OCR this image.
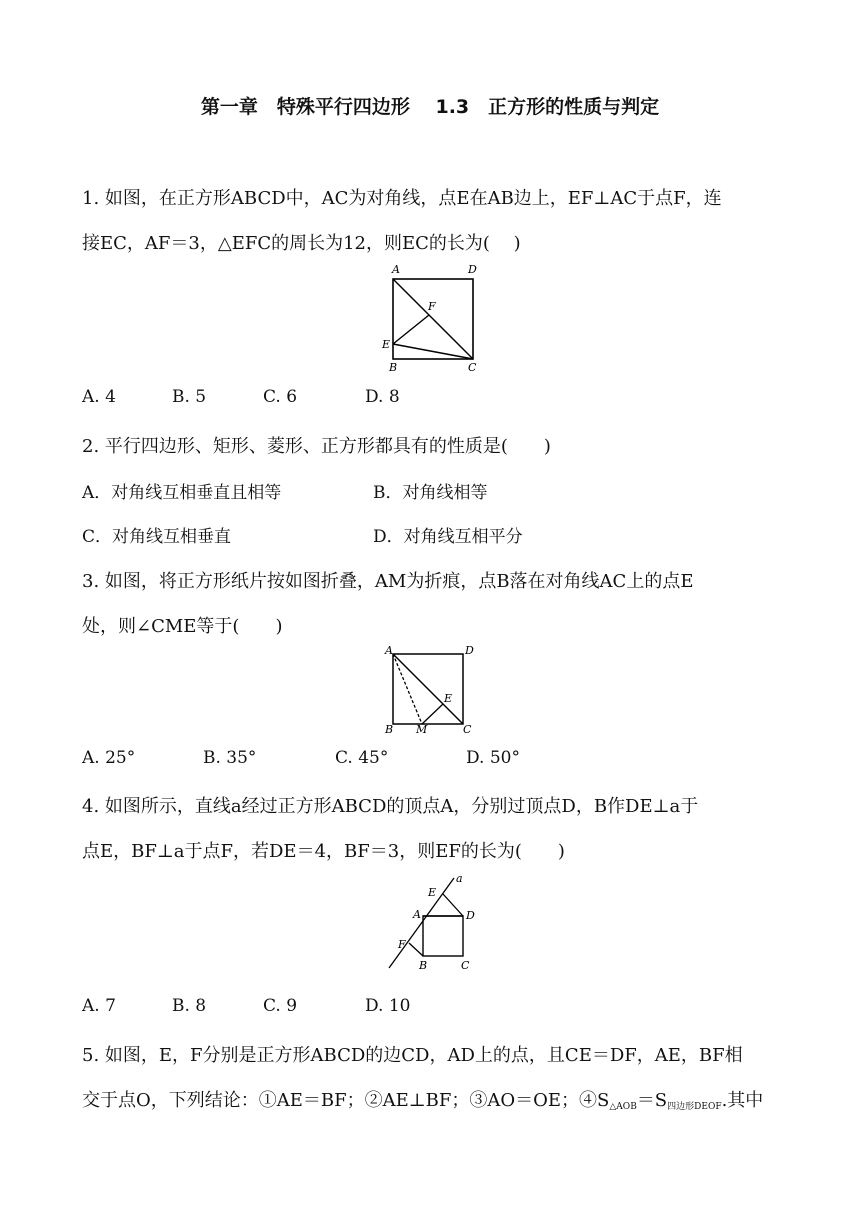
第一章　特殊平行四边形　 1.3　正方形的性质与判定
1. 如图，在正方形ABCD中，AC为对角线，点E在AB边上，EF⊥AC于点F，连
接EC，AF＝3，△EFC的周长为12，则EC的长为(　 )
A	D
F
E
B	C
A. 4	B. 5	C. 6	D. 8
2. 平行四边形、矩形、菱形、正方形都具有的性质是(　　)
A．对角线互相垂直且相等	B．对角线相等
C．对角线互相垂直	D．对角线互相平分
3. 如图，将正方形纸片按如图折叠，AM为折痕，点B落在对角线AC上的点E
处，则∠CME等于(　　)
A	D
E
B M	C
A. 25°	B. 35°	C. 45°	D. 50°
4. 如图所示，直线a经过正方形ABCD的顶点A，分别过顶点D，B作DE⊥a于
点E，BF⊥a于点F，若DE＝4，BF＝3，则EF的长为(　　)
a
E
A	D
F
B	C
A. 7	B. 8	C. 9	D. 10
5. 如图，E，F分别是正方形ABCD的边CD，AD上的点，且CE＝DF，AE，BF相
交于点O，下列结论：①AE＝BF；②AE⊥BF；③AO＝OE；$④S_{\triangle AOB}=S_{四边形DEOF}$.其中
